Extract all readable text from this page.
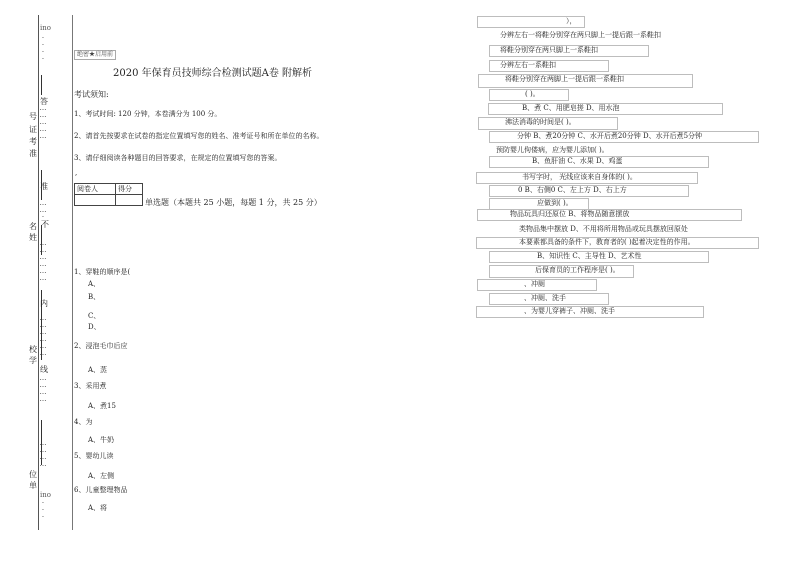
ino
·
·
·
·
…
…
…
…
…
…
…
·
…
…
…
…
…
…
…
…
…
…
…
…
…
…
…
…
…
…
…
…
·
·
·
ino
答
号
证
考
准
准
不
名
姓
内
校
学
线
位
单
绝密★启用前
2020 年保育员技师综合检测试题A卷 附解析
考试须知:
1、考试时间: 120 分钟，本卷满分为 100 分。
2、请首先按要求在试卷的指定位置填写您的姓名、准考证号和所在单位的名称。
3、请仔细阅读各种题目的回答要求，在规定的位置填写您的答案。
,
阅卷人	得分

单选题（本题共 25 小题，每题 1 分，共 25 分）
1、穿鞋的顺序是(
A、
B、
C、
D、
2、浸泡毛巾后应
A、蒸
3、采用煮
A、煮15
4、为
A、牛奶
5、婴幼儿读
A、左侧
6、儿童整理物品
A、将
），
分辨左右一将鞋分别穿在两只脚上一提后跟一系鞋扣
将鞋分别穿在两只脚上一系鞋扣
分辨左右一系鞋扣
将鞋分别穿在两脚上一提后跟一系鞋扣
( )。
B、煮 C、用肥皂搓 D、用水泡
沸法消毒的时间是( )。
分钟 B、煮20分钟 C、水开后煮20分钟 D、水开后煮5分钟
预防婴儿佝偻病，应为婴儿添加( )。
B、鱼肝油 C、水果 D、鸡蛋
书写字时， 光线应该来自身体的( )。
0 B、右侧0 C、左上方 D、右上方
应做到( )。
物品玩具归还原位 B、将物品随意摆放
类物品集中摆放 D、不用将所用物品或玩具摆放回原处
本要素都具备的条件下，教育者的( )起着决定性的作用。
B、知识性 C、主导性 D、艺术性
后保育员的工作程序是( )。
、冲厕
、冲厕、洗手
、为婴儿穿裤子、冲厕、洗手
